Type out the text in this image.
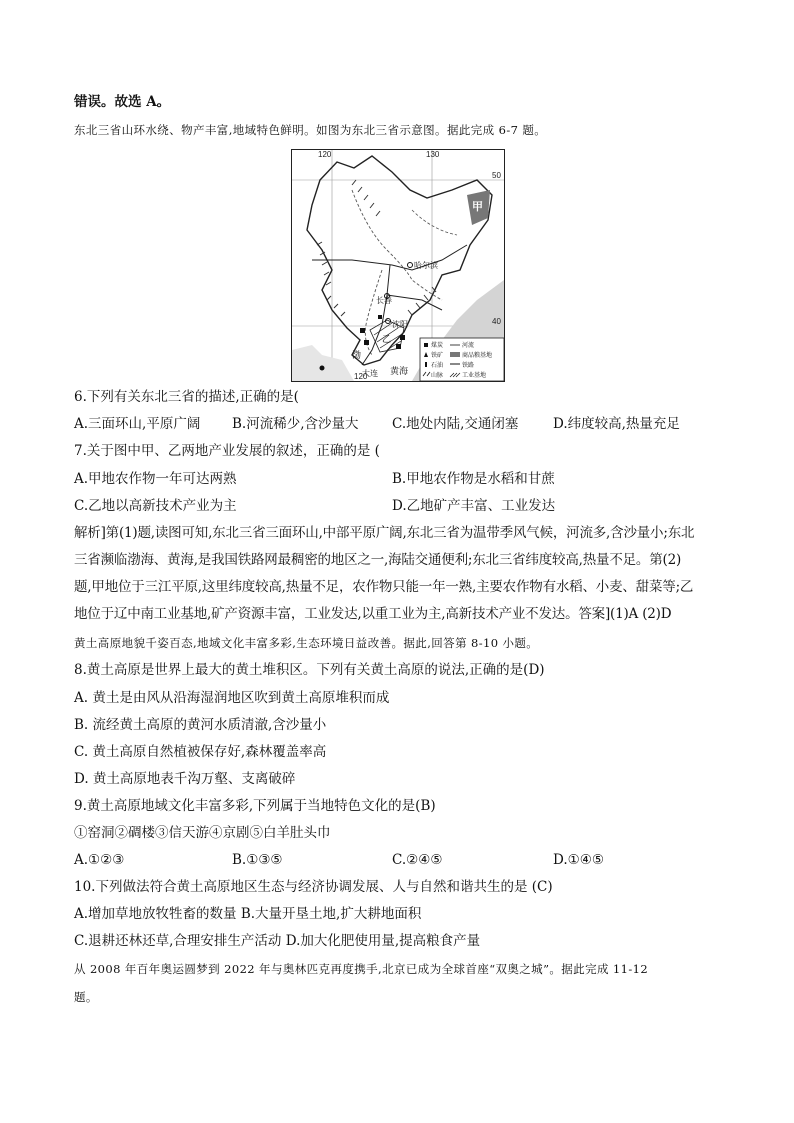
错误。故选 A。
东北三省山环水绕、物产丰富,地域特色鲜明。如图为东北三省示意图。据此完成 6-7 题。
120	130
50
40
120
甲
哈尔滨
长春
沈阳
大连
渤
黄海
乙
煤炭	河流
铁矿	商品粮基地
石油	铁路
山脉	工业基地
6.下列有关东北三省的描述,正确的是(
A.三面环山,平原广阔 B.河流稀少,含沙量大 C.地处内陆,交通闭塞	D.纬度较高,热量充足
7.关于图中甲、乙两地产业发展的叙述，正确的是 (
A.甲地农作物一年可达两熟	B.甲地农作物是水稻和甘蔗
C.乙地以高新技术产业为主	D.乙地矿产丰富、工业发达
解析]第(1)题,读图可知,东北三省三面环山,中部平原广阔,东北三省为温带季风气候，河流多,含沙量小;东北
三省濒临渤海、黄海,是我国铁路网最稠密的地区之一,海陆交通便利;东北三省纬度较高,热量不足。第(2)
题,甲地位于三江平原,这里纬度较高,热量不足，农作物只能一年一熟,主要农作物有水稻、小麦、甜菜等;乙
地位于辽中南工业基地,矿产资源丰富，工业发达,以重工业为主,高新技术产业不发达。答案](1)A (2)D
黄土高原地貌千姿百态,地域文化丰富多彩,生态环境日益改善。据此,回答第 8-10 小题。
8.黄土高原是世界上最大的黄土堆积区。下列有关黄土高原的说法,正确的是(D)
A. 黄土是由风从沿海湿润地区吹到黄土高原堆积而成
B. 流经黄土高原的黄河水质清澈,含沙量小
C. 黄土高原自然植被保存好,森林覆盖率高
D. 黄土高原地表千沟万壑、支离破碎
9.黄土高原地域文化丰富多彩,下列属于当地特色文化的是(B)
①窑洞②碉楼③信天游④京剧⑤白羊肚头巾
A.①②③	B.①③⑤	C.②④⑤	D.①④⑤
10.下列做法符合黄土高原地区生态与经济协调发展、人与自然和谐共生的是 (C)
A.增加草地放牧牲畜的数量 B.大量开垦土地,扩大耕地面积
C.退耕还林还草,合理安排生产活动 D.加大化肥使用量,提高粮食产量
从 2008 年百年奥运圆梦到 2022 年与奥林匹克再度携手,北京已成为全球首座“双奥之城”。据此完成 11-12
题。
